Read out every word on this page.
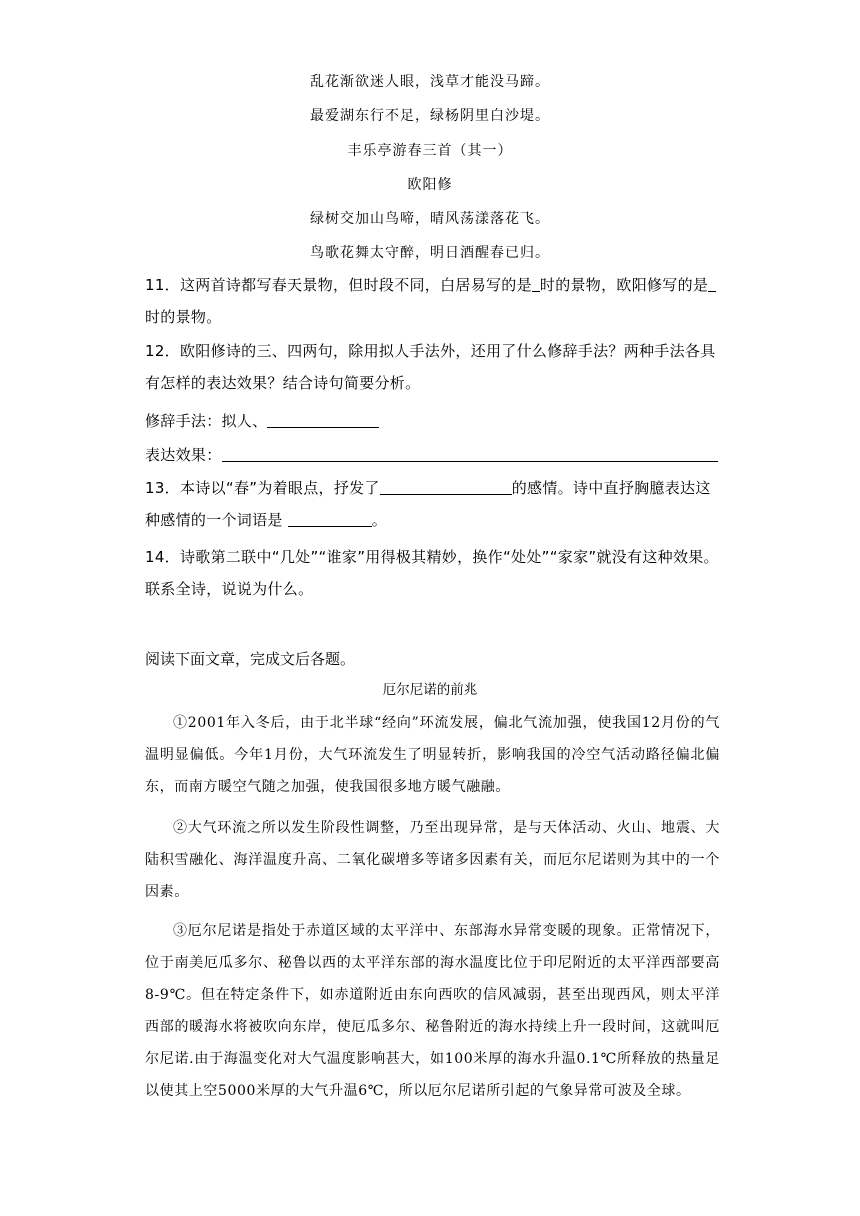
乱花渐欲迷人眼，浅草才能没马蹄。
最爱湖东行不足，绿杨阴里白沙堤。
丰乐亭游春三首（其一）
欧阳修
绿树交加山鸟啼，晴风荡漾落花飞。
鸟歌花舞太守醉，明日酒醒春已归。
11．这两首诗都写春天景物，但时段不同，白居易写的是 时的景物，欧阳修写的是时的景物。
12．欧阳修诗的三、四两句，除用拟人手法外，还用了什么修辞手法？两种手法各具有怎样的表达效果？结合诗句简要分析。
修辞手法：拟人、
表达效果：
13．本诗以“春”为着眼点，抒发了	的感情。诗中直抒胸臆表达这种感情的一个词语是	。
14．诗歌第二联中“几处”“谁家”用得极其精妙，换作“处处”“家家”就没有这种效果。联系全诗，说说为什么。
阅读下面文章，完成文后各题。
厄尔尼诺的前兆
①2001年入冬后，由于北半球“经向”环流发展，偏北气流加强，使我国12月份的气温明显偏低。今年1月份，大气环流发生了明显转折，影响我国的冷空气活动路径偏北偏东，而南方暖空气随之加强，使我国很多地方暖气融融。
②大气环流之所以发生阶段性调整，乃至出现异常，是与天体活动、火山、地震、大陆积雪融化、海洋温度升高、二氧化碳增多等诸多因素有关，而厄尔尼诺则为其中的一个因素。
③厄尔尼诺是指处于赤道区域的太平洋中、东部海水异常变暖的现象。正常情况下，位于南美厄瓜多尔、秘鲁以西的太平洋东部的海水温度比位于印尼附近的太平洋西部要高　8-9℃。但在特定条件下，如赤道附近由东向西吹的信风减弱，甚至出现西风，则太平洋西部的暖海水将被吹向东岸，使厄瓜多尔、秘鲁附近的海水持续上升一段时间，这就叫厄尔尼诺.由于海温变化对大气温度影响甚大，如100米厚的海水升温0.1℃所释放的热量足以使其上空5000米厚的大气升温6℃，所以厄尔尼诺所引起的气象异常可波及全球。
